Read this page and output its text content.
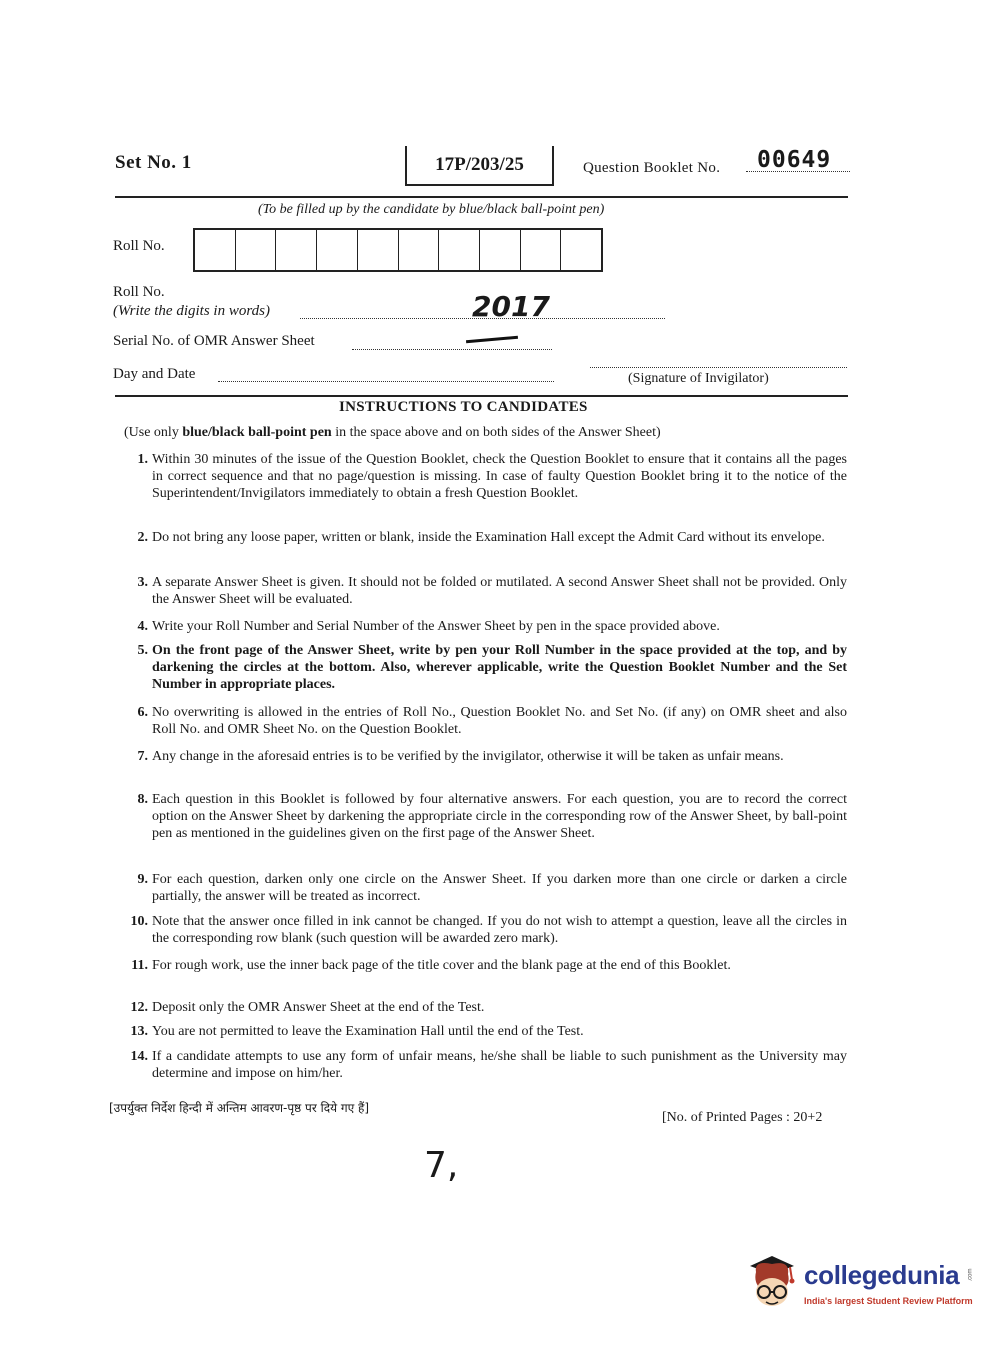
Set No. 1	17P/203/25	Question Booklet No. 00649
(To be filled up by the candidate by blue/black ball-point pen)
Roll No.
Roll No.
(Write the digits in words)	2017
Serial No. of OMR Answer Sheet
Day and Date	(Signature of Invigilator)
INSTRUCTIONS TO CANDIDATES
(Use only blue/black ball-point pen in the space above and on both sides of the Answer Sheet)
1. Within 30 minutes of the issue of the Question Booklet, check the Question Booklet to ensure that it contains all the pages in correct sequence and that no page/question is missing. In case of faulty Question Booklet bring it to the notice of the Superintendent/Invigilators immediately to obtain a fresh Question Booklet.
2. Do not bring any loose paper, written or blank, inside the Examination Hall except the Admit Card without its envelope.
3. A separate Answer Sheet is given. It should not be folded or mutilated. A second Answer Sheet shall not be provided. Only the Answer Sheet will be evaluated.
4. Write your Roll Number and Serial Number of the Answer Sheet by pen in the space provided above.
5. On the front page of the Answer Sheet, write by pen your Roll Number in the space provided at the top, and by darkening the circles at the bottom. Also, wherever applicable, write the Question Booklet Number and the Set Number in appropriate places.
6. No overwriting is allowed in the entries of Roll No., Question Booklet No. and Set No. (if any) on OMR sheet and also Roll No. and OMR Sheet No. on the Question Booklet.
7. Any change in the aforesaid entries is to be verified by the invigilator, otherwise it will be taken as unfair means.
8. Each question in this Booklet is followed by four alternative answers. For each question, you are to record the correct option on the Answer Sheet by darkening the appropriate circle in the corresponding row of the Answer Sheet, by ball-point pen as mentioned in the guidelines given on the first page of the Answer Sheet.
9. For each question, darken only one circle on the Answer Sheet. If you darken more than one circle or darken a circle partially, the answer will be treated as incorrect.
10. Note that the answer once filled in ink cannot be changed. If you do not wish to attempt a question, leave all the circles in the corresponding row blank (such question will be awarded zero mark).
11. For rough work, use the inner back page of the title cover and the blank page at the end of this Booklet.
12. Deposit only the OMR Answer Sheet at the end of the Test.
13. You are not permitted to leave the Examination Hall until the end of the Test.
14. If a candidate attempts to use any form of unfair means, he/she shall be liable to such punishment as the University may determine and impose on him/her.
[उपर्युक्त निर्देश हिन्दी में अन्तिम आवरण-पृष्ठ पर दिये गए हैं]
[No. of Printed Pages : 20+2
7,
collegedunia .com
India's largest Student Review Platform
